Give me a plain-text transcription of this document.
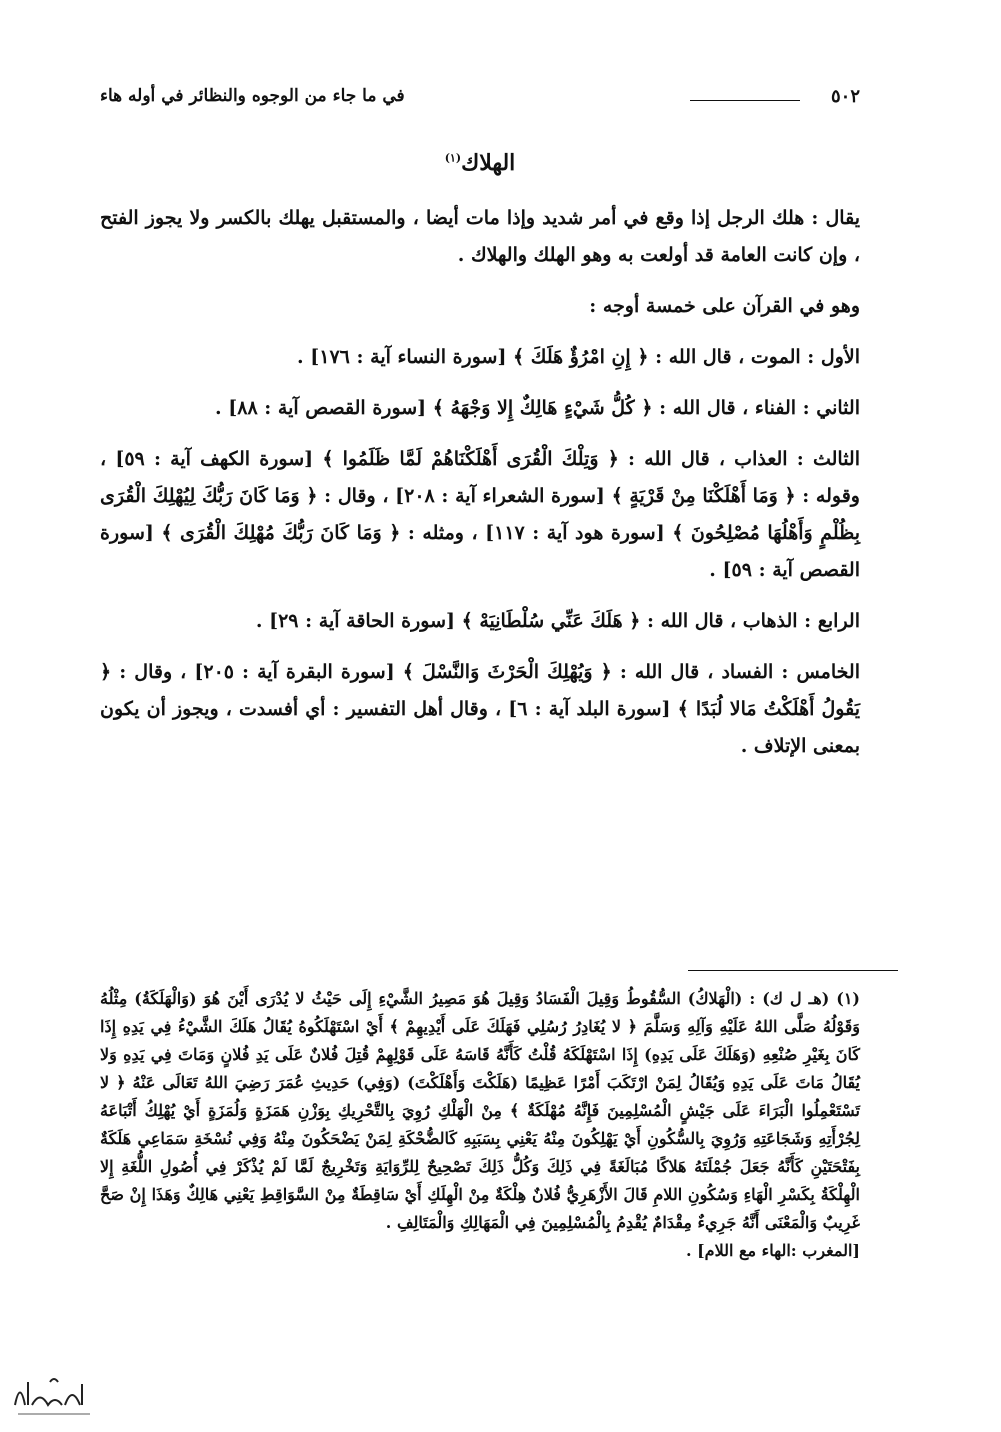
٥٠٢
في ما جاء من الوجوه والنظائر في أوله هاء
الهلاك$^{(١)}$

يقال : هلك الرجل إذا وقع في أمر شديد وإذا مات أيضا ، والمستقبل يهلك بالكسر ولا يجوز الفتح ، وإن كانت العامة قد أولعت به وهو الهلك والهلاك .

وهو في القرآن على خمسة أوجه :

الأول : الموت ، قال الله : ﴿ إِنِ امْرُؤٌ هَلَكَ ﴾ [سورة النساء آية : ١٧٦] .

الثاني : الفناء ، قال الله : ﴿ كُلُّ شَيْءٍ هَالِكٌ إِلا وَجْهَهُ ﴾ [سورة القصص آية : ٨٨] .

الثالث : العذاب ، قال الله : ﴿ وَتِلْكَ الْقُرَى أَهْلَكْنَاهُمْ لَمَّا ظَلَمُوا ﴾ [سورة الكهف آية : ٥٩] ، وقوله : ﴿ وَمَا أَهْلَكْنَا مِنْ قَرْيَةٍ ﴾ [سورة الشعراء آية : ٢٠٨] ، وقال : ﴿ وَمَا كَانَ رَبُّكَ لِيُهْلِكَ الْقُرَى بِظُلْمٍ وَأَهْلُهَا مُصْلِحُونَ ﴾ [سورة هود آية : ١١٧] ، ومثله : ﴿ وَمَا كَانَ رَبُّكَ مُهْلِكَ الْقُرَى ﴾ [سورة القصص آية : ٥٩] .

الرابع : الذهاب ، قال الله : ﴿ هَلَكَ عَنِّي سُلْطَانِيَهْ ﴾ [سورة الحاقة آية : ٢٩] .

الخامس : الفساد ، قال الله : ﴿ وَيُهْلِكَ الْحَرْثَ وَالنَّسْلَ ﴾ [سورة البقرة آية : ٢٠٥] ، وقال : ﴿ يَقُولُ أَهْلَكْتُ مَالا لُبَدًا ﴾ [سورة البلد آية : ٦] ، وقال أهل التفسير : أي أفسدت ، ويجوز أن يكون بمعنى الإتلاف .

(١) (هـ ل ك) : (الْهَلاكُ) السُّقُوطُ وَقِيلَ الْفَسَادُ وَقِيلَ هُوَ مَصِيرُ الشَّيْءِ إِلَى حَيْثُ لا يُدْرَى أَيْنَ هُوَ (وَالْهَلَكَةُ) مِثْلُهُ وَقَوْلُهُ صَلَّى اللهُ عَلَيْهِ وَآلِهِ وَسَلَّمَ ﴿ لا يُغَادِرُ رُسُلِي فَهَلَكَ عَلَى أَيْدِيهِمْ ﴾ أَيْ اسْتَهْلَكُوهُ يُقَالُ هَلَكَ الشَّيْءُ فِي يَدِهِ إِذَا كَانَ بِغَيْرِ صُنْعِهِ (وَهَلَكَ عَلَى يَدِهِ) إِذَا اسْتَهْلَكَهُ قُلْتُ كَأَنَّهُ قَاسَهُ عَلَى قَوْلِهِمْ قُتِلَ فُلانٌ عَلَى يَدِ فُلانٍ وَمَاتَ فِي يَدِهِ وَلا يُقَالُ مَاتَ عَلَى يَدِهِ وَيُقَالُ لِمَنْ ارْتَكَبَ أَمْرًا عَظِيمًا (هَلَكْتَ وَأَهْلَكْتَ) (وَفِي) حَدِيثِ عُمَرَ رَضِيَ اللهُ تَعَالَى عَنْهُ ﴿ لا تَسْتَعْمِلُوا الْبَرَاءَ عَلَى جَيْشٍ الْمُسْلِمِينَ فَإِنَّهُ مُهْلَكَةٌ ﴾ مِنْ الْهَلْكِ رُوِيَ بِالتَّحْرِيكِ بِوَزْنِ هَمَزَةٍ وَلُمَزَةٍ أَيْ يُهْلِكُ أَتْبَاعَهُ لِجُرْأَتِهِ وَشَجَاعَتِهِ وَرُوِيَ بِالسُّكُونِ أَيْ يَهْلِكُونَ مِنْهُ يَعْنِي بِسَبَبِهِ كَالضُّحْكَةِ لِمَنْ يَضْحَكُونَ مِنْهُ وَفِي نُسْخَةِ سَمَاعِي هَلَكَةٌ بِفَتْحَتَيْنِ كَأَنَّهُ جَعَلَ جُمْلَتَهُ هَلاكًا مُبَالَغَةً فِي ذَلِكَ وَكُلُّ ذَلِكَ تَصْحِيحٌ لِلرِّوَايَةِ وَتَخْرِيجٌ لَمَّا لَمْ يُذْكَرْ فِي أُصُولِ اللُّغَةِ إِلا الْهِلْكَةُ بِكَسْرِ الْهَاءِ وَسُكُونِ اللامِ قَالَ الأَزْهَرِيُّ فُلانٌ هِلْكَةٌ مِنْ الْهِلَكِ أَيْ سَاقِطَةٌ مِنْ السَّوَاقِطِ يَعْنِي هَالِكٌ وَهَذَا إِنْ صَحَّ غَرِيبٌ وَالْمَعْنَى أَنَّهُ جَرِيءٌ مِقْدَامٌ يُقْدِمُ بِالْمُسْلِمِينَ فِي الْمَهَالِكِ وَالْمَتَالِفِ .

[المغرب :الهاء مع اللام] .
